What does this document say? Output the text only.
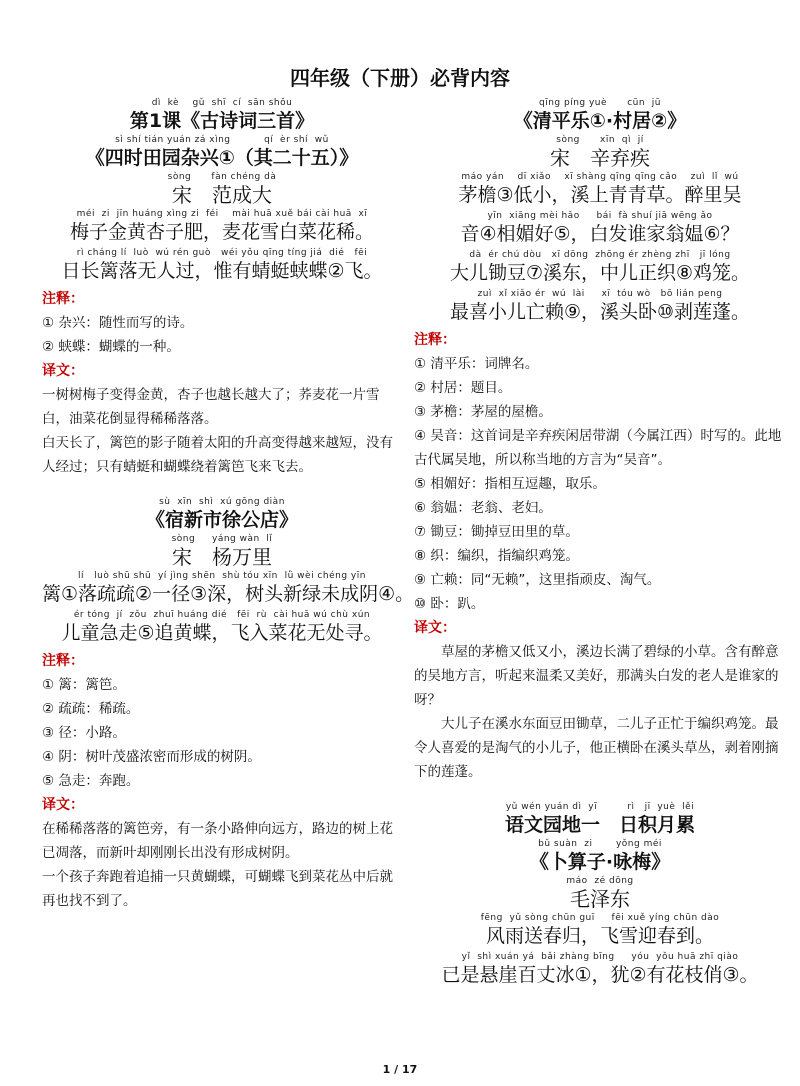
四年级（下册）必背内容
dì  kè    gǔ  shī  cí  sān shǒu
第1课《古诗词三首》
sì shí tián yuán zá xìng          qí  èr shí  wǔ
《四时田园杂兴①（其二十五）》
sòng      fàn chéng dà
宋　范成大
méi  zi  jīn huáng xìng zi  féi    mài huā xuě bái cài huā  xī
梅子金黄杏子肥，麦花雪白菜花稀。
rì cháng lí  luò  wú rén guò   wéi yǒu qīng tíng jiá  dié   fēi
日长篱落无人过，惟有蜻蜓蛱蝶②飞。
注释：
① 杂兴：随性而写的诗。
② 蛱蝶：蝴蝶的一种。
译文：
一树树梅子变得金黄，杏子也越长越大了；荞麦花一片雪白，油菜花倒显得稀稀落落。
白天长了，篱笆的影子随着太阳的升高变得越来越短，没有人经过；只有蜻蜓和蝴蝶绕着篱笆飞来飞去。
sù  xīn  shì  xú gōng diàn
《宿新市徐公店》
sòng     yáng wàn  lǐ
宋　杨万里
lí   luò shū shū  yí jìng shēn  shù tóu xīn  lǜ wèi chéng yīn
篱①落疏疏②一径③深，树头新绿未成阴④。
ér tóng  jí  zǒu  zhuī huáng dié   fēi  rù  cài huā wú chù xún
儿童急走⑤追黄蝶，飞入菜花无处寻。
注释：
① 篱：篱笆。
② 疏疏：稀疏。
③ 径：小路。
④ 阴：树叶茂盛浓密而形成的树阴。
⑤ 急走：奔跑。
译文：
在稀稀落落的篱笆旁，有一条小路伸向远方，路边的树上花已凋落，而新叶却刚刚长出没有形成树阴。
一个孩子奔跑着追捕一只黄蝴蝶，可蝴蝶飞到菜花丛中后就再也找不到了。
qīng píng yuè      cūn  jū
《清平乐①·村居②》
sòng      xīn  qì  jí
宋　辛弃疾
máo yán    dī xiǎo    xī shàng qīng qīng cǎo    zuì  lǐ  wú
茅檐③低小，溪上青青草。醉里吴
yīn  xiāng mèi hǎo     bái  fà shuí jiā wēng ǎo
音④相媚好⑤，白发谁家翁媪⑥？
dà  ér chú dòu   xī dōng  zhōng ér zhèng zhī   jī lóng
大儿锄豆⑦溪东，中儿正织⑧鸡笼。
zuì  xǐ xiǎo ér  wú  lài     xī  tóu wò   bō lián peng
最喜小儿亡赖⑨，溪头卧⑩剥莲蓬。
注释：
① 清平乐：词牌名。
② 村居：题目。
③ 茅檐：茅屋的屋檐。
④ 吴音：这首词是辛弃疾闲居带湖（今属江西）时写的。此地古代属吴地，所以称当地的方言为“吴音”。
⑤ 相媚好：指相互逗趣，取乐。
⑥ 翁媪：老翁、老妇。
⑦ 锄豆：锄掉豆田里的草。
⑧ 织：编织，指编织鸡笼。
⑨ 亡赖：同“无赖”，这里指顽皮、淘气。
⑩ 卧：趴。
译文：
草屋的茅檐又低又小，溪边长满了碧绿的小草。含有醉意的吴地方言，听起来温柔又美好，那满头白发的老人是谁家的呀？
大儿子在溪水东面豆田锄草，二儿子正忙于编织鸡笼。最令人喜爱的是淘气的小儿子，他正横卧在溪头草丛，剥着刚摘下的莲蓬。
yǔ wén yuán dì  yī         rì   jī  yuè  lěi
语文园地一　日积月累
bǔ suàn  zi       yǒng méi
《卜算子·咏梅》
máo  zé dōng
毛泽东
fēng  yǔ sòng chūn guī     fēi xuě yíng chūn dào
风雨送春归，飞雪迎春到。
yǐ  shì xuán yá  bǎi zhàng bīng     yóu  yǒu huā zhī qiào
已是悬崖百丈冰①，犹②有花枝俏③。
1 / 17
